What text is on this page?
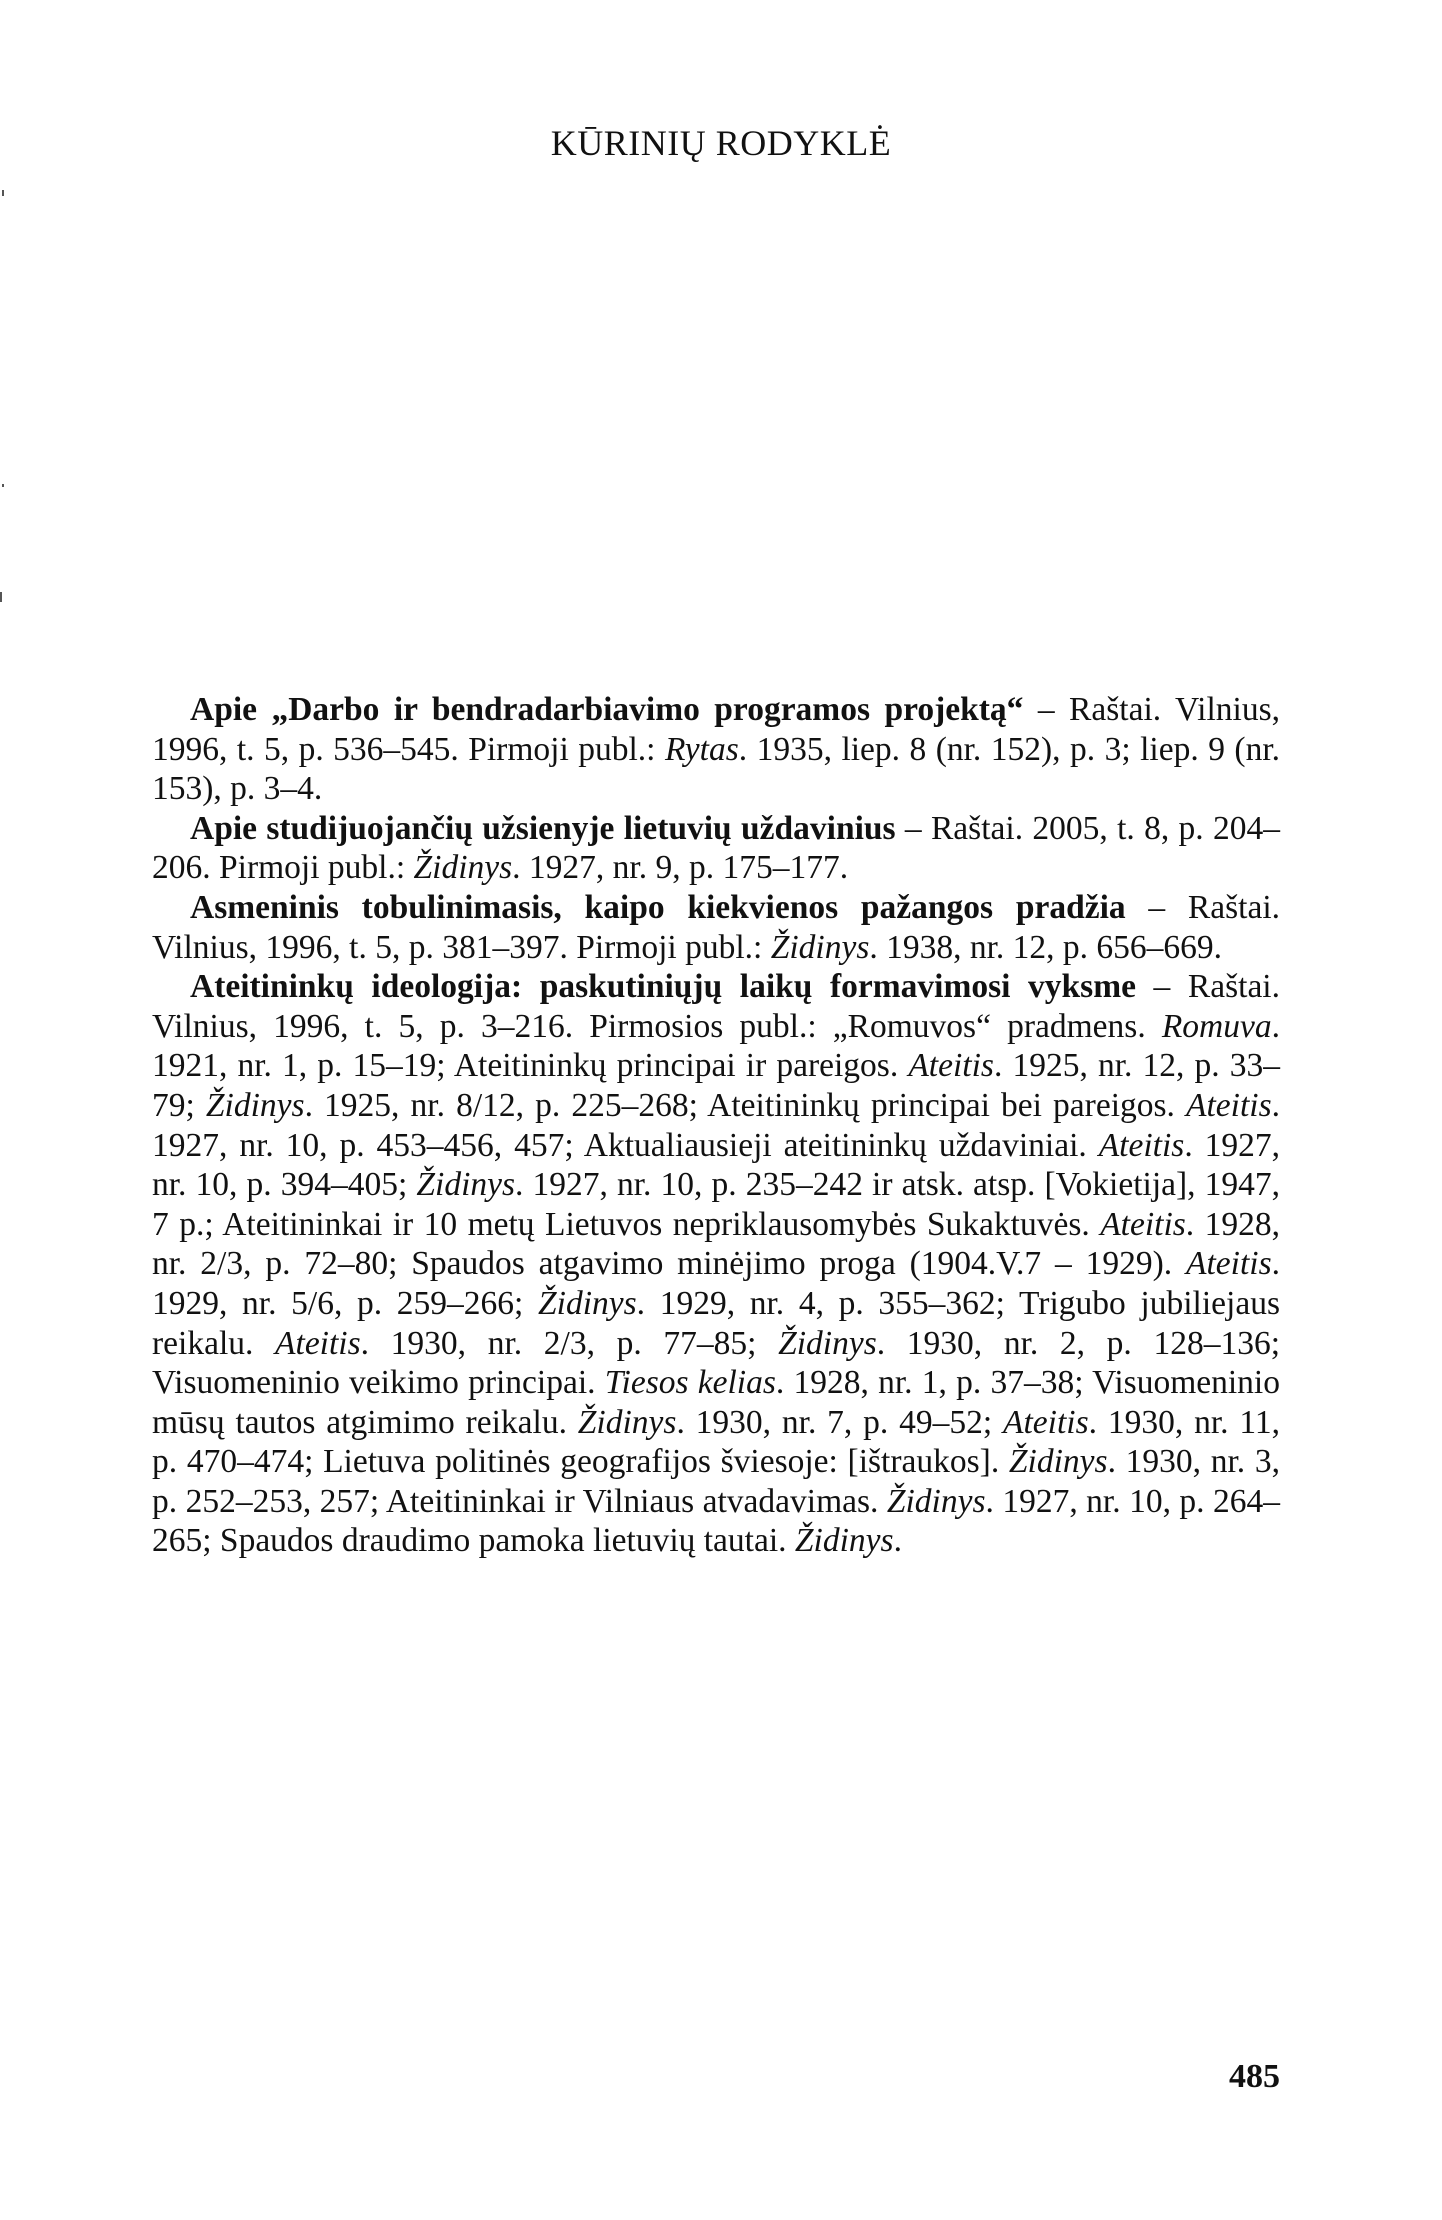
KŪRINIŲ RODYKLĖ

Apie „Darbo ir bendradarbiavimo programos projektą“ – Raštai. Vilnius, 1996, t. 5, p. 536–545. Pirmoji publ.: Rytas. 1935, liep. 8 (nr. 152), p. 3; liep. 9 (nr. 153), p. 3–4.

Apie studijuojančių užsienyje lietuvių uždavinius – Raštai. 2005, t. 8, p. 204–206. Pirmoji publ.: Židinys. 1927, nr. 9, p. 175–177.

Asmeninis tobulinimasis, kaipo kiekvienos pažangos pradžia – Raštai. Vilnius, 1996, t. 5, p. 381–397. Pirmoji publ.: Židinys. 1938, nr. 12, p. 656–669.

Ateitininkų ideologija: paskutiniųjų laikų formavimosi vyksme – Raštai. Vilnius, 1996, t. 5, p. 3–216. Pirmosios publ.: „Romuvos“ pradmens. Romuva. 1921, nr. 1, p. 15–19; Ateitininkų principai ir pareigos. Ateitis. 1925, nr. 12, p. 33–79; Židinys. 1925, nr. 8/12, p. 225–268; Ateitininkų principai bei pareigos. Ateitis. 1927, nr. 10, p. 453–456, 457; Aktualiausieji ateitininkų uždaviniai. Ateitis. 1927, nr. 10, p. 394–405; Židinys. 1927, nr. 10, p. 235–242 ir atsk. atsp. [Vokietija], 1947, 7 p.; Ateitininkai ir 10 metų Lietuvos nepriklausomybės Sukaktuvės. Ateitis. 1928, nr. 2/3, p. 72–80; Spaudos atgavimo minėjimo proga (1904.V.7 – 1929). Ateitis. 1929, nr. 5/6, p. 259–266; Židinys. 1929, nr. 4, p. 355–362; Trigubo jubiliejaus reikalu. Ateitis. 1930, nr. 2/3, p. 77–85; Židinys. 1930, nr. 2, p. 128–136; Visuomeninio veikimo principai. Tiesos kelias. 1928, nr. 1, p. 37–38; Visuomeninio mūsų tautos atgimimo reikalu. Židinys. 1930, nr. 7, p. 49–52; Ateitis. 1930, nr. 11, p. 470–474; Lietuva politinės geografijos šviesoje: [ištraukos]. Židinys. 1930, nr. 3, p. 252–253, 257; Ateitininkai ir Vilniaus atvadavimas. Židinys. 1927, nr. 10, p. 264–265; Spaudos draudimo pamoka lietuvių tautai. Židinys.

485
